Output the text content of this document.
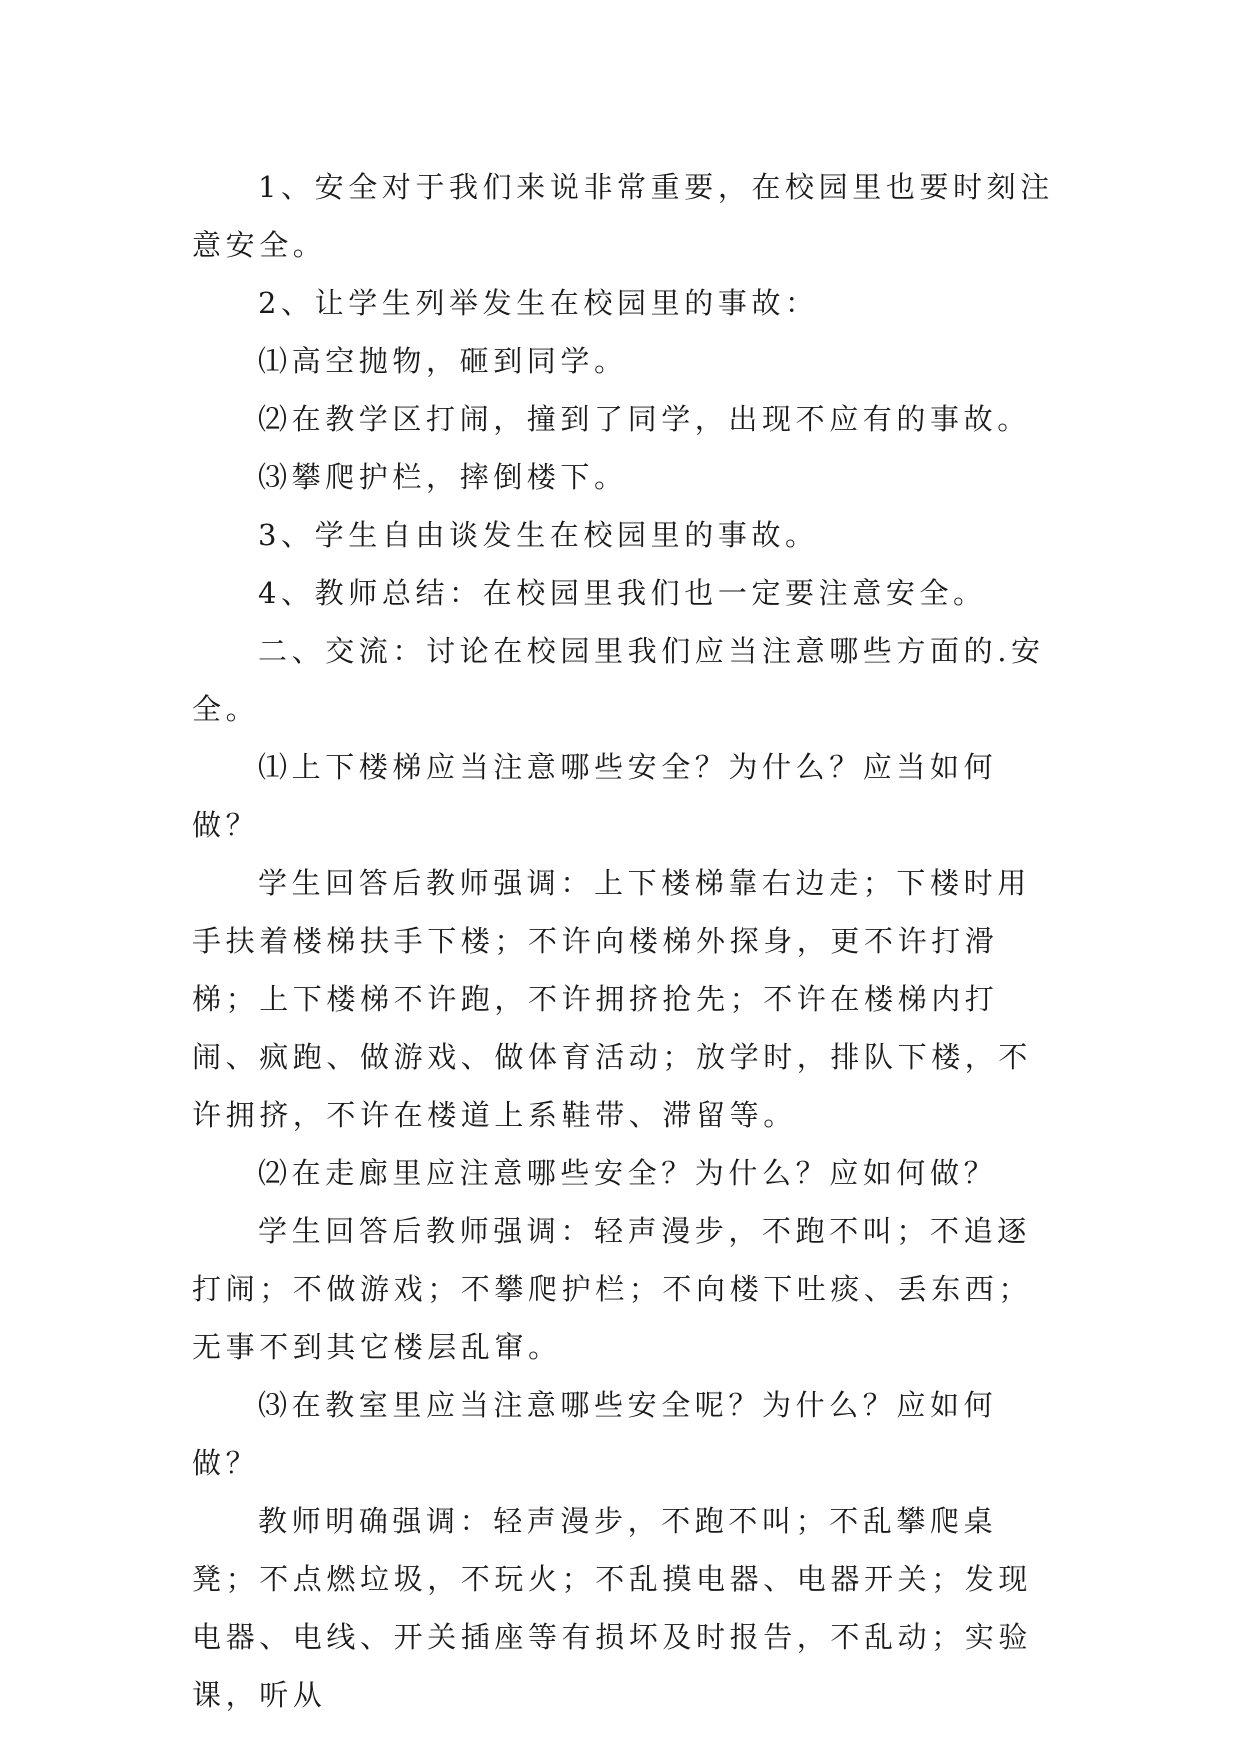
1、安全对于我们来说非常重要，在校园里也要时刻注意安全。

2、让学生列举发生在校园里的事故：

⑴高空抛物，砸到同学。

⑵在教学区打闹，撞到了同学，出现不应有的事故。

⑶攀爬护栏，摔倒楼下。

3、学生自由谈发生在校园里的事故。

4、教师总结：在校园里我们也一定要注意安全。

二、交流：讨论在校园里我们应当注意哪些方面的.安全。

⑴上下楼梯应当注意哪些安全？为什么？应当如何做？

学生回答后教师强调：上下楼梯靠右边走；下楼时用手扶着楼梯扶手下楼；不许向楼梯外探身，更不许打滑梯；上下楼梯不许跑，不许拥挤抢先；不许在楼梯内打闹、疯跑、做游戏、做体育活动；放学时，排队下楼，不许拥挤，不许在楼道上系鞋带、滞留等。

⑵在走廊里应注意哪些安全？为什么？应如何做？

学生回答后教师强调：轻声漫步，不跑不叫；不追逐打闹；不做游戏；不攀爬护栏；不向楼下吐痰、丢东西；无事不到其它楼层乱窜。

⑶在教室里应当注意哪些安全呢？为什么？应如何做？

教师明确强调：轻声漫步，不跑不叫；不乱攀爬桌凳；不点燃垃圾，不玩火；不乱摸电器、电器开关；发现电器、电线、开关插座等有损坏及时报告，不乱动；实验课，听从
